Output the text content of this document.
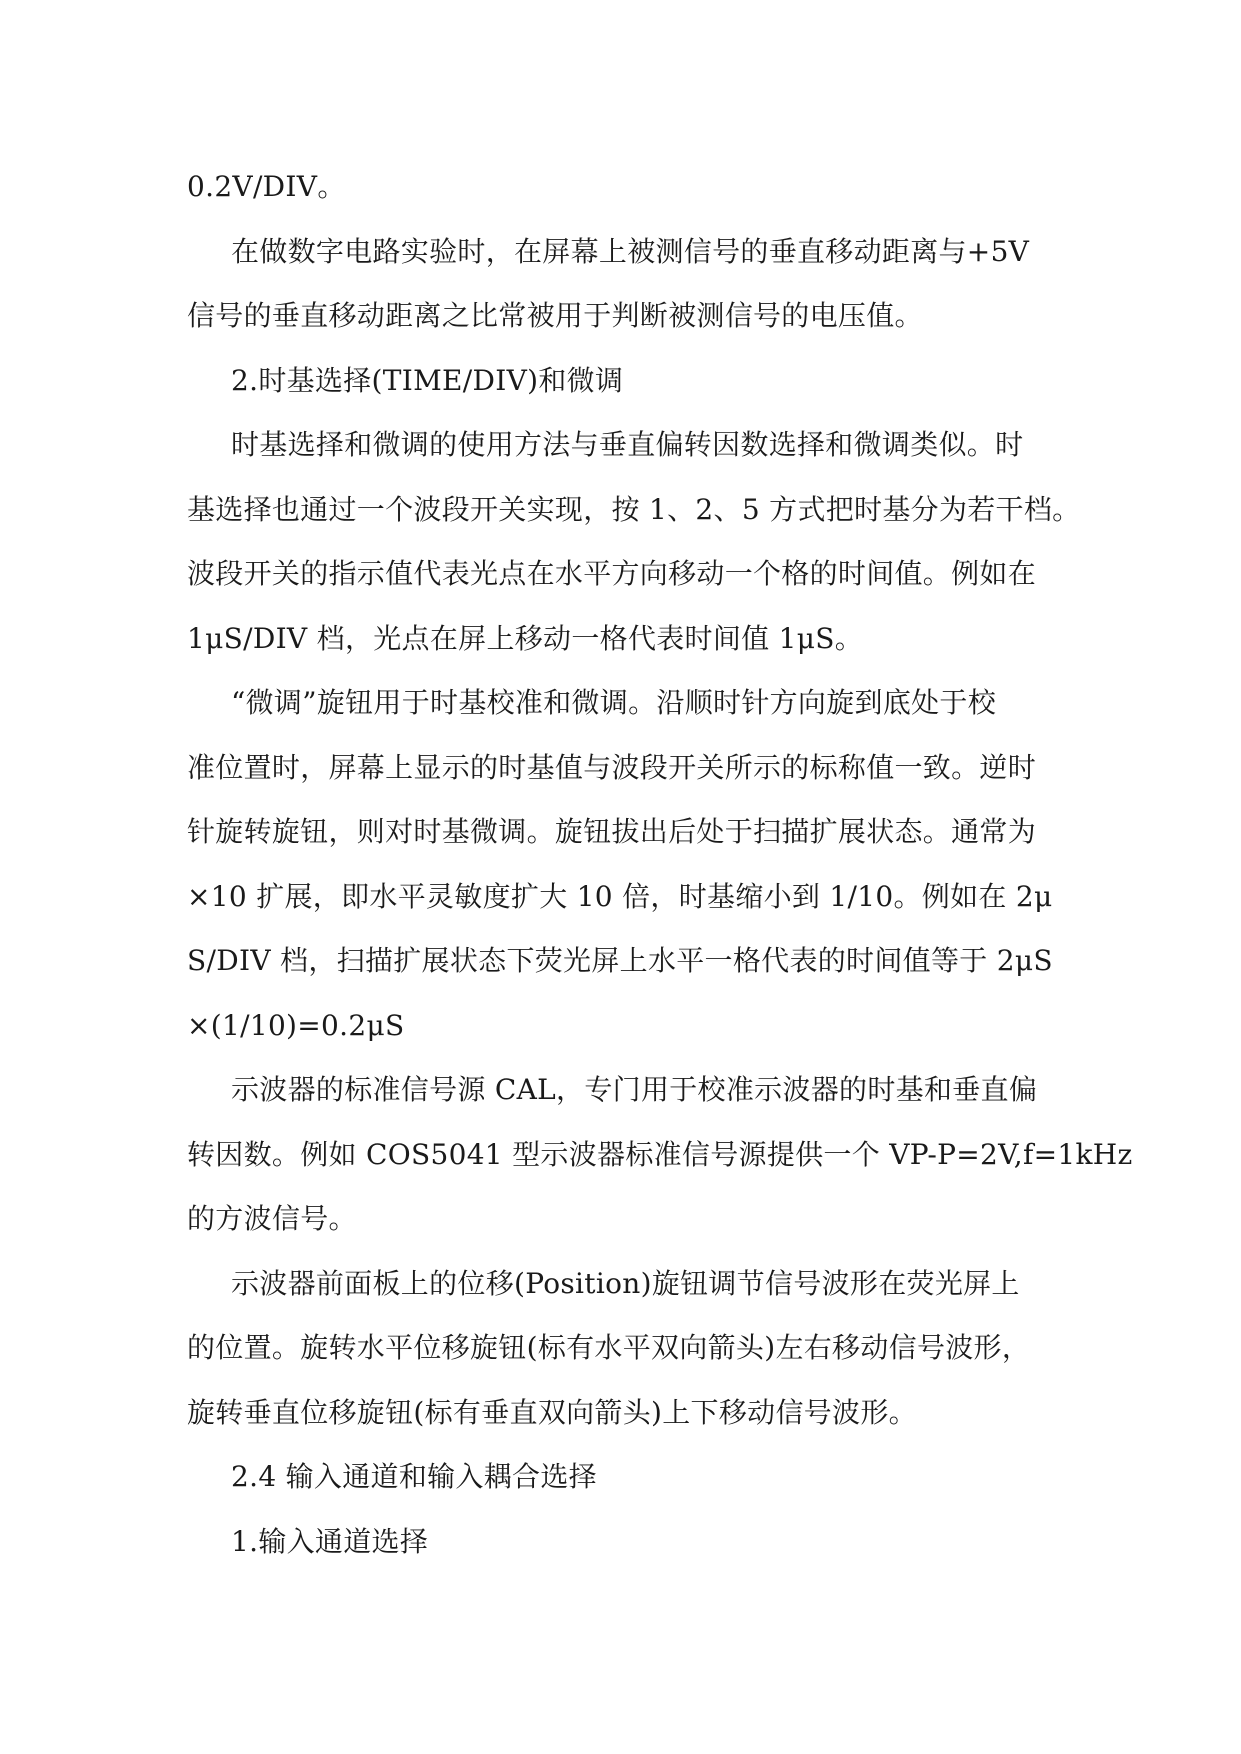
0.2V/DIV。
在做数字电路实验时，在屏幕上被测信号的垂直移动距离与+5V
信号的垂直移动距离之比常被用于判断被测信号的电压值。
2.时基选择(TIME/DIV)和微调
时基选择和微调的使用方法与垂直偏转因数选择和微调类似。时
基选择也通过一个波段开关实现，按 1、2、5 方式把时基分为若干档。
波段开关的指示值代表光点在水平方向移动一个格的时间值。例如在
1μS/DIV 档，光点在屏上移动一格代表时间值 1μS。
“微调”旋钮用于时基校准和微调。沿顺时针方向旋到底处于校
准位置时，屏幕上显示的时基值与波段开关所示的标称值一致。逆时
针旋转旋钮，则对时基微调。旋钮拔出后处于扫描扩展状态。通常为
×10 扩展，即水平灵敏度扩大 10 倍，时基缩小到 1/10。例如在 2μ
S/DIV 档，扫描扩展状态下荧光屏上水平一格代表的时间值等于 2μS
×(1/10)=0.2μS
示波器的标准信号源 CAL，专门用于校准示波器的时基和垂直偏
转因数。例如 COS5041 型示波器标准信号源提供一个 VP-P=2V,f=1kHz
的方波信号。
示波器前面板上的位移(Position)旋钮调节信号波形在荧光屏上
的位置。旋转水平位移旋钮(标有水平双向箭头)左右移动信号波形，
旋转垂直位移旋钮(标有垂直双向箭头)上下移动信号波形。
2.4 输入通道和输入耦合选择
1.输入通道选择
